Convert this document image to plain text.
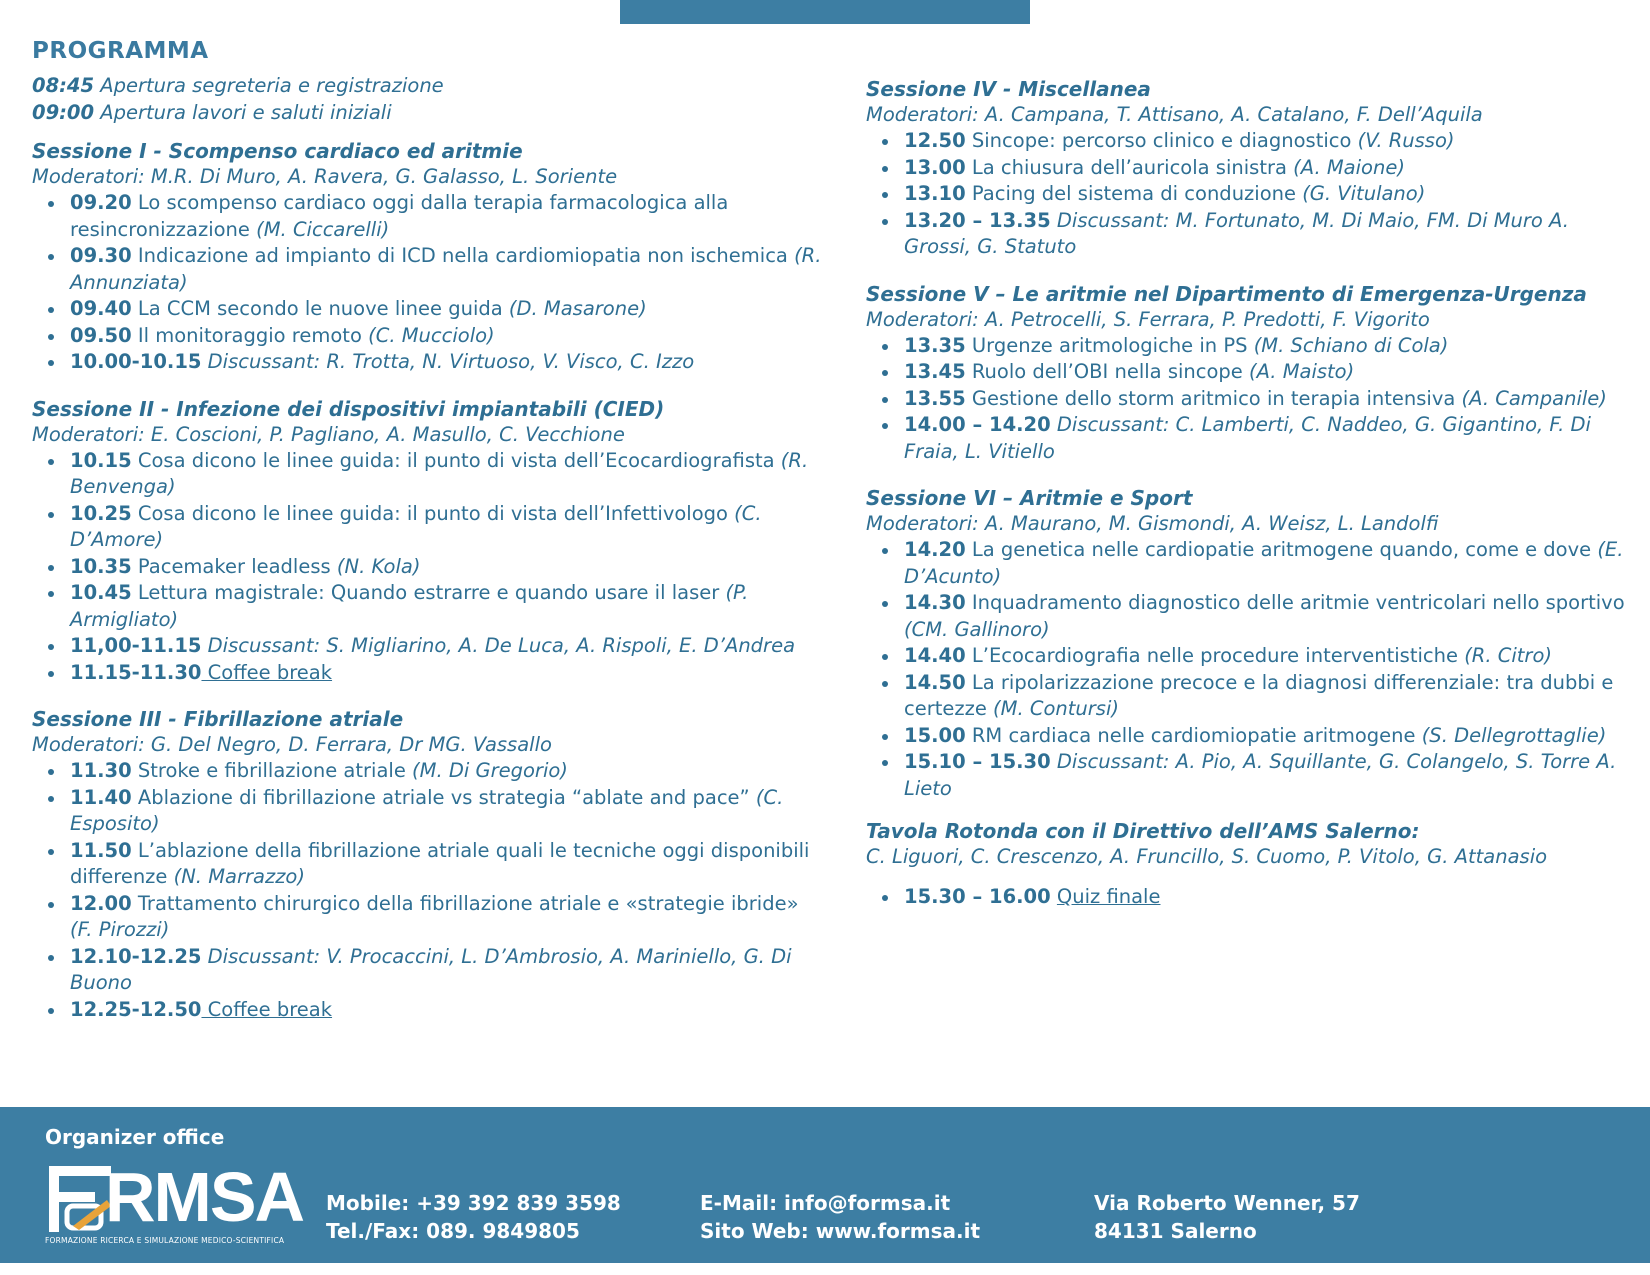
PROGRAMMA
08:45 Apertura segreteria e registrazione
09:00 Apertura lavori e saluti iniziali
Sessione I - Scompenso cardiaco ed aritmie
Moderatori: M.R. Di Muro, A. Ravera, G. Galasso, L. Soriente
09.20 Lo scompenso cardiaco oggi dalla terapia farmacologica alla resincronizzazione (M. Ciccarelli)
09.30 Indicazione ad impianto di ICD nella cardiomiopatia non ischemica (R. Annunziata)
09.40 La CCM secondo le nuove linee guida (D. Masarone)
09.50 Il monitoraggio remoto (C. Mucciolo)
10.00-10.15 Discussant: R. Trotta, N. Virtuoso, V. Visco, C. Izzo
Sessione II - Infezione dei dispositivi impiantabili (CIED)
Moderatori: E. Coscioni, P. Pagliano, A. Masullo, C. Vecchione
10.15 Cosa dicono le linee guida: il punto di vista dell’Ecocardiografista (R. Benvenga)
10.25 Cosa dicono le linee guida: il punto di vista dell’Infettivologo (C. D’Amore)
10.35 Pacemaker leadless (N. Kola)
10.45 Lettura magistrale: Quando estrarre e quando usare il laser (P. Armigliato)
11,00-11.15 Discussant: S. Migliarino, A. De Luca, A. Rispoli, E. D’Andrea
11.15-11.30 Coffee break
Sessione III - Fibrillazione atriale
Moderatori: G. Del Negro, D. Ferrara, Dr MG. Vassallo
11.30 Stroke e fibrillazione atriale (M. Di Gregorio)
11.40 Ablazione di fibrillazione atriale vs strategia “ablate and pace” (C. Esposito)
11.50 L’ablazione della fibrillazione atriale quali le tecniche oggi disponibili differenze (N. Marrazzo)
12.00 Trattamento chirurgico della fibrillazione atriale e «strategie ibride» (F. Pirozzi)
12.10-12.25 Discussant: V. Procaccini, L. D’Ambrosio, A. Mariniello, G. Di Buono
12.25-12.50 Coffee break
Sessione IV - Miscellanea
Moderatori: A. Campana, T. Attisano, A. Catalano, F. Dell’Aquila
12.50 Sincope: percorso clinico e diagnostico (V. Russo)
13.00 La chiusura dell’auricola sinistra (A. Maione)
13.10 Pacing del sistema di conduzione (G. Vitulano)
13.20 – 13.35 Discussant: M. Fortunato, M. Di Maio, FM. Di Muro A. Grossi, G. Statuto
Sessione V – Le aritmie nel Dipartimento di Emergenza-Urgenza
Moderatori: A. Petrocelli, S. Ferrara, P. Predotti, F. Vigorito
13.35 Urgenze aritmologiche in PS (M. Schiano di Cola)
13.45 Ruolo dell’OBI nella sincope (A. Maisto)
13.55 Gestione dello storm aritmico in terapia intensiva (A. Campanile)
14.00 – 14.20 Discussant: C. Lamberti, C. Naddeo, G. Gigantino, F. Di Fraia, L. Vitiello
Sessione VI – Aritmie e Sport
Moderatori: A. Maurano, M. Gismondi, A. Weisz, L. Landolfi
14.20 La genetica nelle cardiopatie aritmogene quando, come e dove (E. D’Acunto)
14.30 Inquadramento diagnostico delle aritmie ventricolari nello sportivo (CM. Gallinoro)
14.40 L’Ecocardiografia nelle procedure interventistiche (R. Citro)
14.50 La ripolarizzazione precoce e la diagnosi differenziale: tra dubbi e certezze (M. Contursi)
15.00 RM cardiaca nelle cardiomiopatie aritmogene (S. Dellegrottaglie)
15.10 – 15.30 Discussant: A. Pio, A. Squillante, G. Colangelo, S. Torre A. Lieto
Tavola Rotonda con il Direttivo dell’AMS Salerno:
C. Liguori, C. Crescenzo, A. Fruncillo, S. Cuomo, P. Vitolo, G. Attanasio
15.30 – 16.00 Quiz finale
Organizer office
RMSA
FORMAZIONE RICERCA E SIMULAZIONE MEDICO-SCIENTIFICA
Mobile: +39 392 839 3598
Tel./Fax: 089. 9849805
E-Mail: info@formsa.it
Sito Web: www.formsa.it
Via Roberto Wenner, 57
84131 Salerno
